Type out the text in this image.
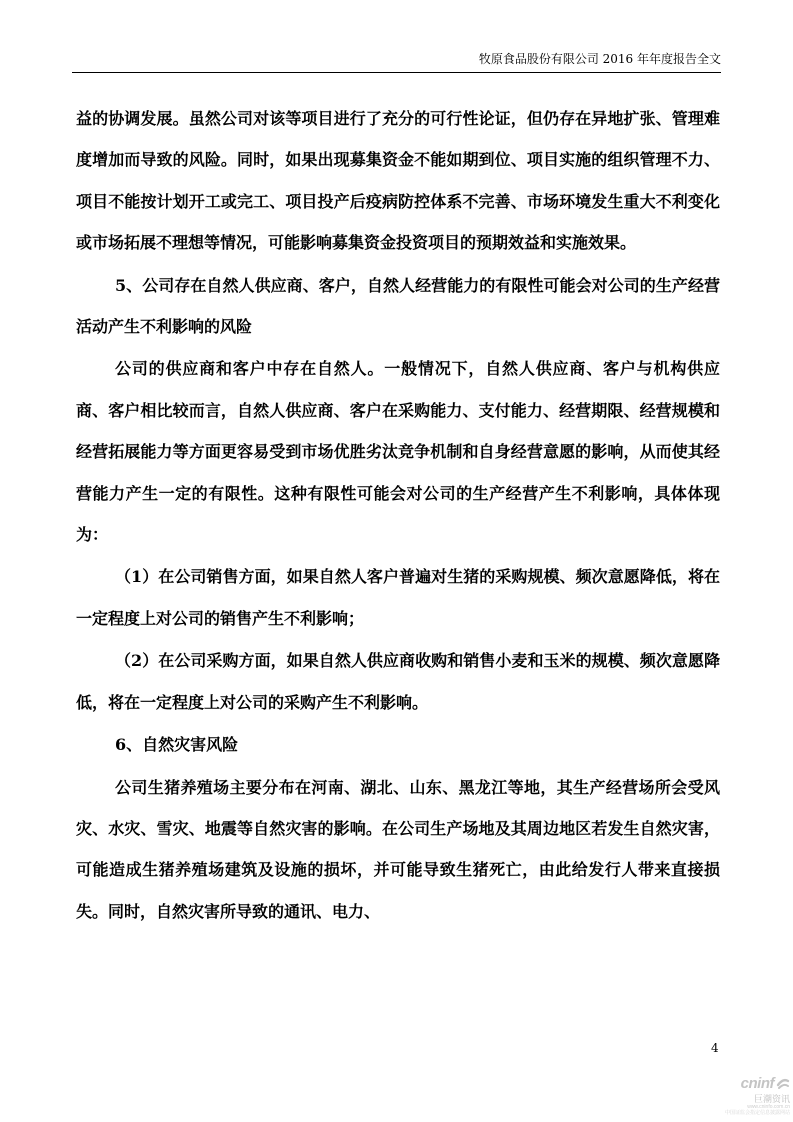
牧原食品股份有限公司 2016 年年度报告全文

益的协调发展。虽然公司对该等项目进行了充分的可行性论证，但仍存在异地扩张、管理难度增加而导致的风险。同时，如果出现募集资金不能如期到位、项目实施的组织管理不力、项目不能按计划开工或完工、项目投产后疫病防控体系不完善、市场环境发生重大不利变化或市场拓展不理想等情况，可能影响募集资金投资项目的预期效益和实施效果。

5、公司存在自然人供应商、客户，自然人经营能力的有限性可能会对公司的生产经营活动产生不利影响的风险

公司的供应商和客户中存在自然人。一般情况下，自然人供应商、客户与机构供应商、客户相比较而言，自然人供应商、客户在采购能力、支付能力、经营期限、经营规模和经营拓展能力等方面更容易受到市场优胜劣汰竞争机制和自身经营意愿的影响，从而使其经营能力产生一定的有限性。这种有限性可能会对公司的生产经营产生不利影响，具体体现为：

（1）在公司销售方面，如果自然人客户普遍对生猪的采购规模、频次意愿降低，将在一定程度上对公司的销售产生不利影响；

（2）在公司采购方面，如果自然人供应商收购和销售小麦和玉米的规模、频次意愿降低，将在一定程度上对公司的采购产生不利影响。

6、自然灾害风险

公司生猪养殖场主要分布在河南、湖北、山东、黑龙江等地，其生产经营场所会受风灾、水灾、雪灾、地震等自然灾害的影响。在公司生产场地及其周边地区若发生自然灾害，可能造成生猪养殖场建筑及设施的损坏，并可能导致生猪死亡，由此给发行人带来直接损失。同时，自然灾害所导致的通讯、电力、

4
cninf
巨潮资讯
www.cninfo.com.cn
中国证监会指定信息披露网站
